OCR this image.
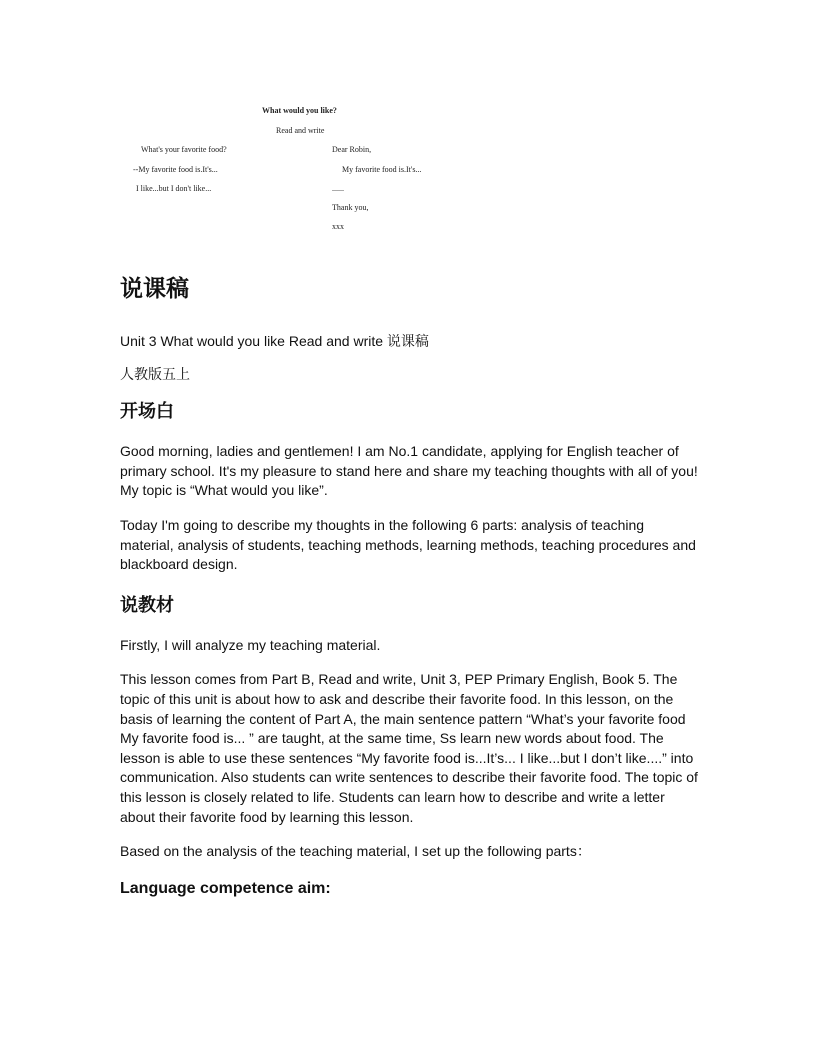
What would you like?
Read and write
What's your favorite food?
--My favorite food is.It's...
I like...but I don't like...
Dear Robin,
My favorite food is.It's...
......
Thank you,
xxx
说课稿

Unit 3 What would you like Read and write 说课稿

人教版五上

开场白

Good morning, ladies and gentlemen! I am No.1 candidate, applying for English teacher of primary school. It's my pleasure to stand here and share my teaching thoughts with all of you! My topic is “What would you like”.

Today I'm going to describe my thoughts in the following 6 parts: analysis of teaching material, analysis of students, teaching methods, learning methods, teaching procedures and blackboard design.

说教材

Firstly, I will analyze my teaching material.

This lesson comes from Part B, Read and write, Unit 3, PEP Primary English, Book 5. The topic of this unit is about how to ask and describe their favorite food. In this lesson, on the basis of learning the content of Part A, the main sentence pattern “What’s your favorite food My favorite food is... ” are taught, at the same time, Ss learn new words about food. The lesson is able to use these sentences “My favorite food is...It’s... I like...but I don’t like....” into communication. Also students can write sentences to describe their favorite food. The topic of this lesson is closely related to life. Students can learn how to describe and write a letter about their favorite food by learning this lesson.

Based on the analysis of the teaching material, I set up the following parts：

Language competence aim:
